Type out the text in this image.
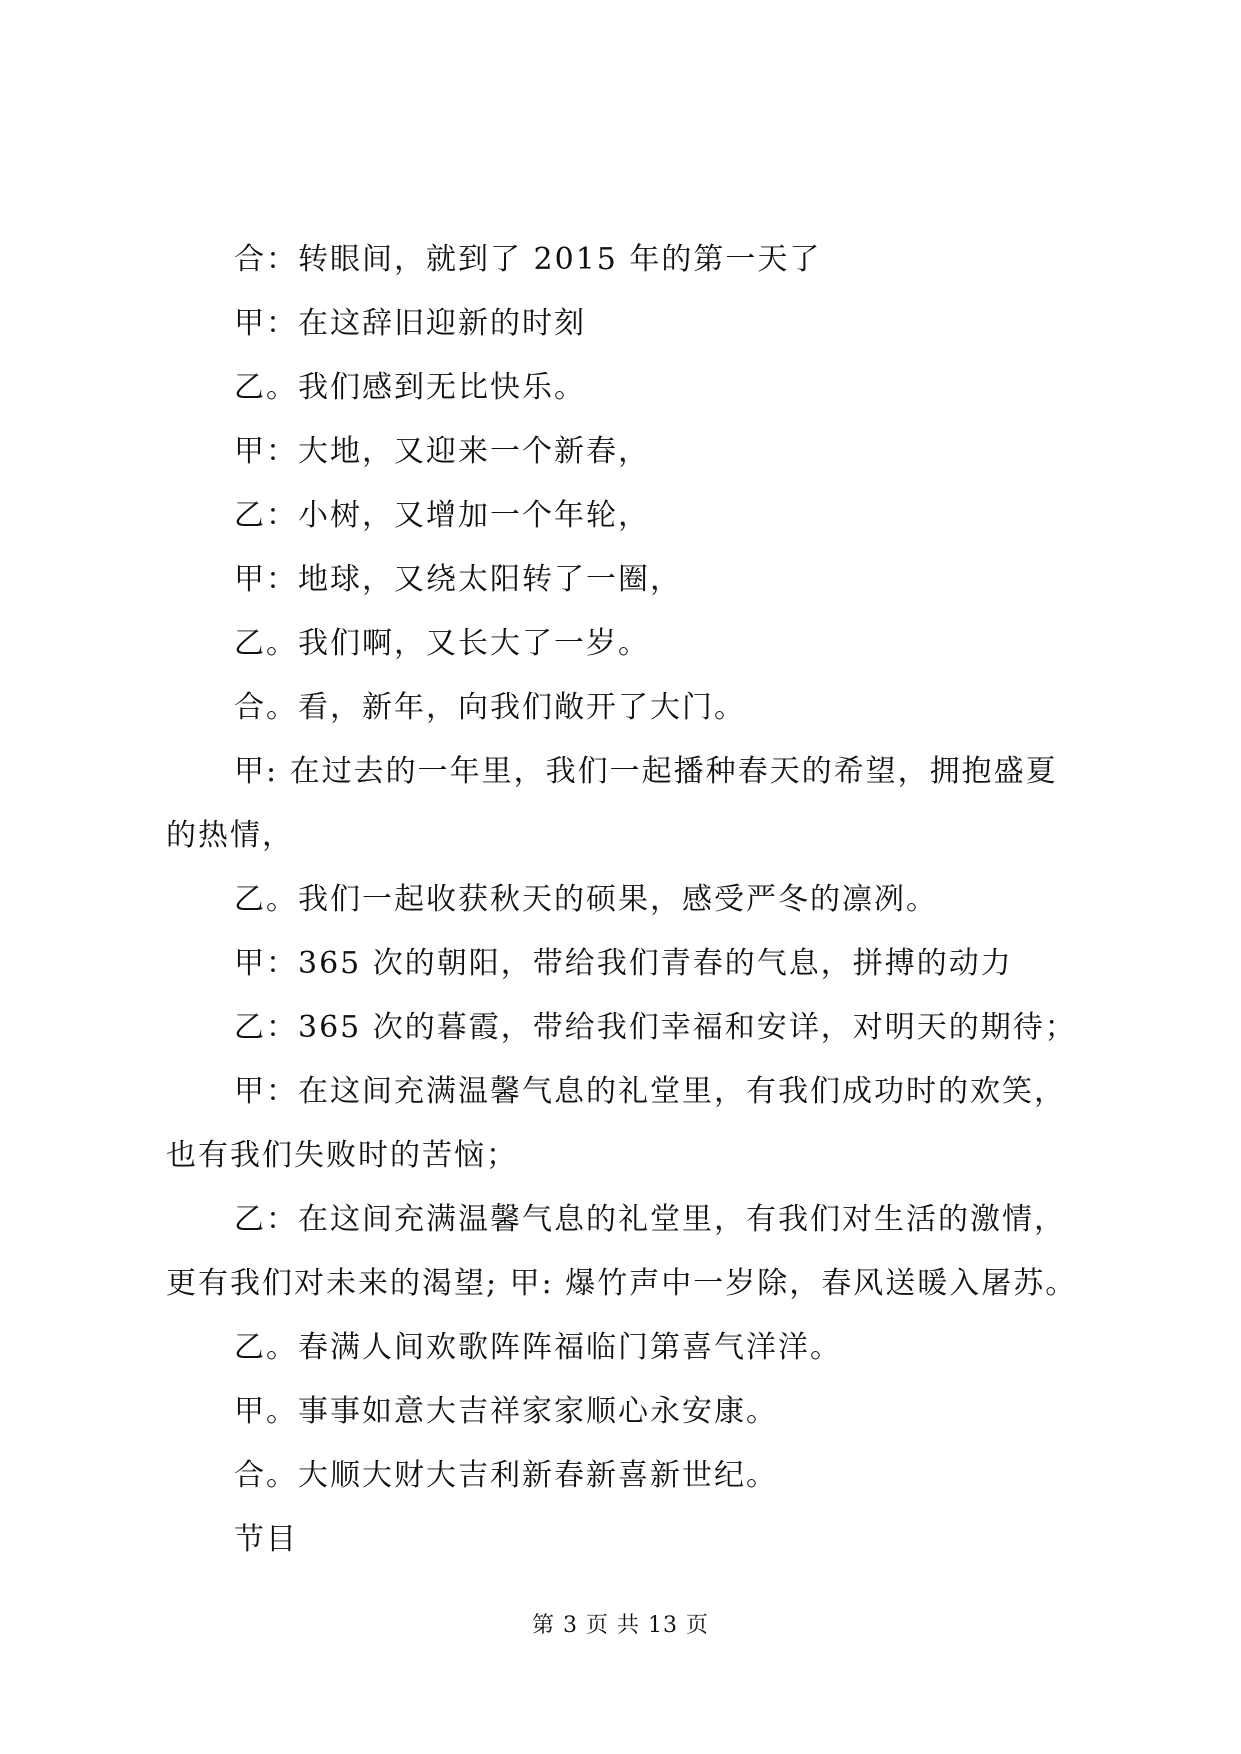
合：转眼间，就到了 2015 年的第一天了

甲：在这辞旧迎新的时刻

乙。我们感到无比快乐。

甲：大地，又迎来一个新春，

乙：小树，又增加一个年轮，

甲：地球，又绕太阳转了一圈，

乙。我们啊，又长大了一岁。

合。看，新年，向我们敞开了大门。

甲: 在过去的一年里，我们一起播种春天的希望，拥抱盛夏的热情，

乙。我们一起收获秋天的硕果，感受严冬的凛冽。

甲：365 次的朝阳，带给我们青春的气息，拼搏的动力

乙：365 次的暮霞，带给我们幸福和安详，对明天的期待；

甲：在这间充满温馨气息的礼堂里，有我们成功时的欢笑，也有我们失败时的苦恼；

乙：在这间充满温馨气息的礼堂里，有我们对生活的激情，更有我们对未来的渴望; 甲: 爆竹声中一岁除，春风送暖入屠苏。

乙。春满人间欢歌阵阵福临门第喜气洋洋。

甲。事事如意大吉祥家家顺心永安康。

合。大顺大财大吉利新春新喜新世纪。

节目

第 3 页 共 13 页
